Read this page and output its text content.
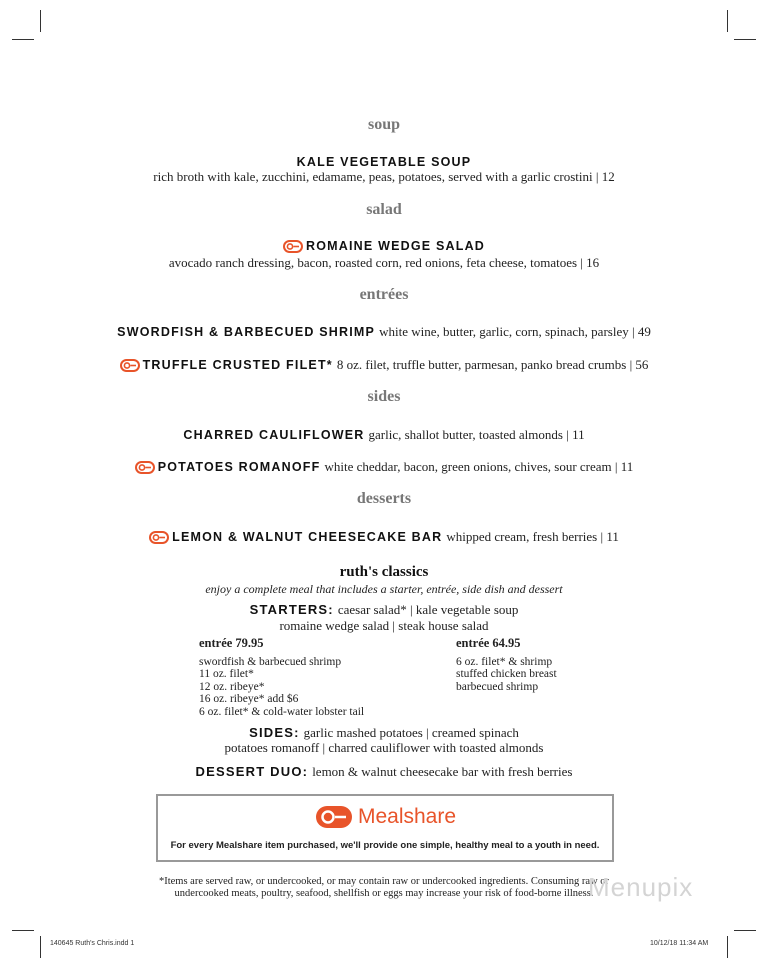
soup
KALE VEGETABLE SOUP
rich broth with kale, zucchini, edamame, peas, potatoes, served with a garlic crostini | 12
salad
ROMAINE WEDGE SALAD
avocado ranch dressing, bacon, roasted corn, red onions, feta cheese, tomatoes | 16
entrées
SWORDFISH & BARBECUED SHRIMP white wine, butter, garlic, corn, spinach, parsley | 49
TRUFFLE CRUSTED FILET* 8 oz. filet, truffle butter, parmesan, panko bread crumbs | 56
sides
CHARRED CAULIFLOWER garlic, shallot butter, toasted almonds | 11
POTATOES ROMANOFF white cheddar, bacon, green onions, chives, sour cream | 11
desserts
LEMON & WALNUT CHEESECAKE BAR whipped cream, fresh berries | 11
ruth's classics
enjoy a complete meal that includes a starter, entrée, side dish and dessert
STARTERS: caesar salad* | kale vegetable soup
romaine wedge salad | steak house salad
entrée 79.95
swordfish & barbecued shrimp
11 oz. filet*
12 oz. ribeye*
16 oz. ribeye* add $6
6 oz. filet* & cold-water lobster tail
entrée 64.95
6 oz. filet* & shrimp
stuffed chicken breast
barbecued shrimp
SIDES: garlic mashed potatoes | creamed spinach
potatoes romanoff | charred cauliflower with toasted almonds
DESSERT DUO: lemon & walnut cheesecake bar with fresh berries
Mealshare
For every Mealshare item purchased, we'll provide one simple, healthy meal to a youth in need.
*Items are served raw, or undercooked, or may contain raw or undercooked ingredients. Consuming raw or
undercooked meats, poultry, seafood, shellfish or eggs may increase your risk of food-borne illness.
Menupix
140645 Ruth's Chris.indd 1	10/12/18 11:34 AM
